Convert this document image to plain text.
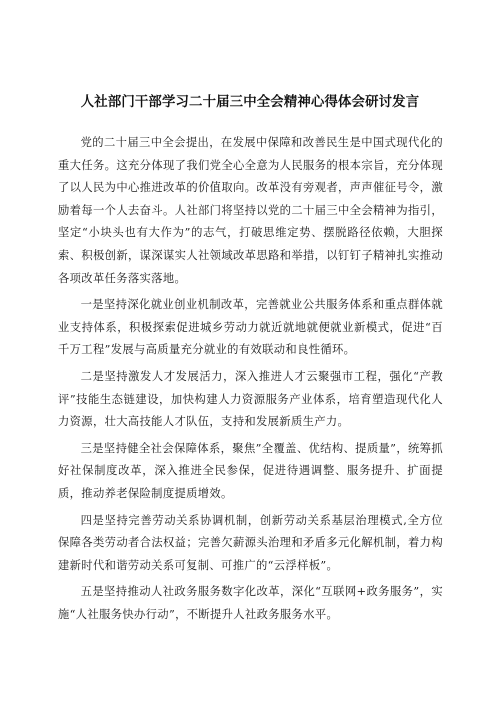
人社部门干部学习二十届三中全会精神心得体会研讨发言

党的二十届三中全会提出，在发展中保障和改善民生是中国式现代化的重大任务。这充分体现了我们党全心全意为人民服务的根本宗旨，充分体现了以人民为中心推进改革的价值取向。改革没有旁观者，声声催征号令，激励着每一个人去奋斗。人社部门将坚持以党的二十届三中全会精神为指引，坚定“小块头也有大作为”的志气，打破思维定势、摆脱路径依赖，大胆探索、积极创新，谋深谋实人社领域改革思路和举措，以钉钉子精神扎实推动各项改革任务落实落地。

一是坚持深化就业创业机制改革，完善就业公共服务体系和重点群体就业支持体系，积极探索促进城乡劳动力就近就地就便就业新模式，促进“百千万工程”发展与高质量充分就业的有效联动和良性循环。

二是坚持激发人才发展活力，深入推进人才云聚强市工程，强化“产教评”技能生态链建设，加快构建人力资源服务产业体系，培育塑造现代化人力资源，壮大高技能人才队伍，支持和发展新质生产力。

三是坚持健全社会保障体系，聚焦”全覆盖、优结构、提质量”，统筹抓好社保制度改革，深入推进全民参保，促进待遇调整、服务提升、扩面提质，推动养老保险制度提质增效。

四是坚持完善劳动关系协调机制，创新劳动关系基层治理模式,全方位保障各类劳动者合法权益；完善欠薪源头治理和矛盾多元化解机制，着力构建新时代和谐劳动关系可复制、可推广的“云浮样板”。

五是坚持推动人社政务服务数字化改革，深化“互联网+政务服务”，实施“人社服务快办行动”，不断提升人社政务服务水平。
